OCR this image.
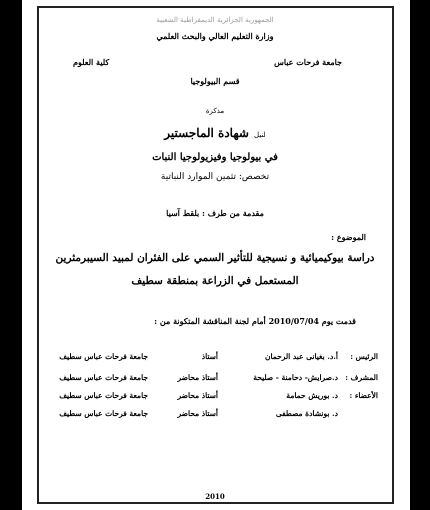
الجمهورية الجزائرية الديمقراطية الشعبية
وزارة التعليم العالي والبحث العلمي
جامعة فرحات عباس
كلية العلوم
قسم البيولوجيا
مذكرة
لنيل شهادة الماجستير
في بيولوجيا وفيزيولوجيا النبات
تخصص: تثمين الموارد النباتية
مقدمة من طرف : بلقط آسيا
الموضوع :
دراسة بيوكيميائية و نسيجية للتأثير السمي على الفئران لمبيد السيبرمثرين
المستعمل في الزراعة بمنطقة سطيف
قدمت يوم 2010/07/04 أمام لجنة المناقشة المتكونة من :
الرئيس :
أ.د. بغيانى عبد الرحمان
أستاذ
جامعة فرحات عباس سطيف
المشرف :
د.صرايش- دحامنة - صليحة
أستاذ محاضر
جامعة فرحات عباس سطيف
الأعضاء :
د. بوريش حمامة
أستاذ محاضر
جامعة فرحات عباس سطيف
د. بونشادة مصطفى
أستاذ محاضر
جامعة فرحات عباس سطيف
2010
